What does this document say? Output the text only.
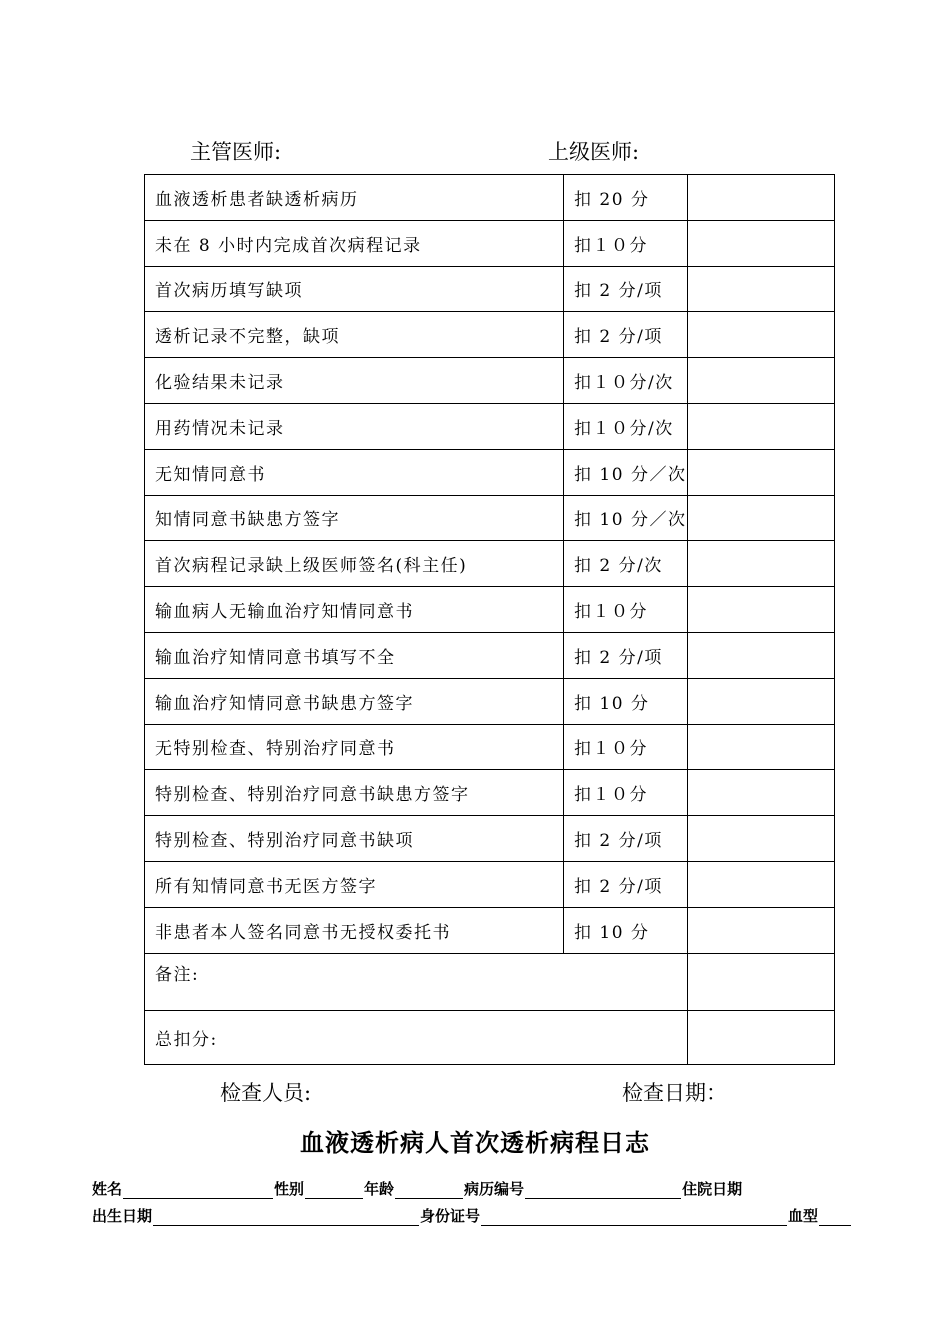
主管医师:	上级医师:
血液透析患者缺透析病历	扣 20 分	
未在 8 小时内完成首次病程记录	扣１０分	
首次病历填写缺项	扣 2 分/项	
透析记录不完整，缺项	扣 2 分/项	
化验结果未记录	扣１０分/次	
用药情况未记录	扣１０分/次	
无知情同意书	扣 10 分／次	
知情同意书缺患方签字	扣 10 分／次	
首次病程记录缺上级医师签名(科主任)	扣 2 分/次	
输血病人无输血治疗知情同意书	扣１０分	
输血治疗知情同意书填写不全	扣 2 分/项	
输血治疗知情同意书缺患方签字	扣 10 分	
无特别检查、特别治疗同意书	扣１０分	
特别检查、特别治疗同意书缺患方签字	扣１０分	
特别检查、特别治疗同意书缺项	扣 2 分/项	
所有知情同意书无医方签字	扣 2 分/项	
非患者本人签名同意书无授权委托书	扣 10 分	
备注:		
总扣分:		
检查人员:	检查日期：
血液透析病人首次透析病程日志
姓名	性别	年龄	病历编号	住院日期
出生日期	身份证号	血型
